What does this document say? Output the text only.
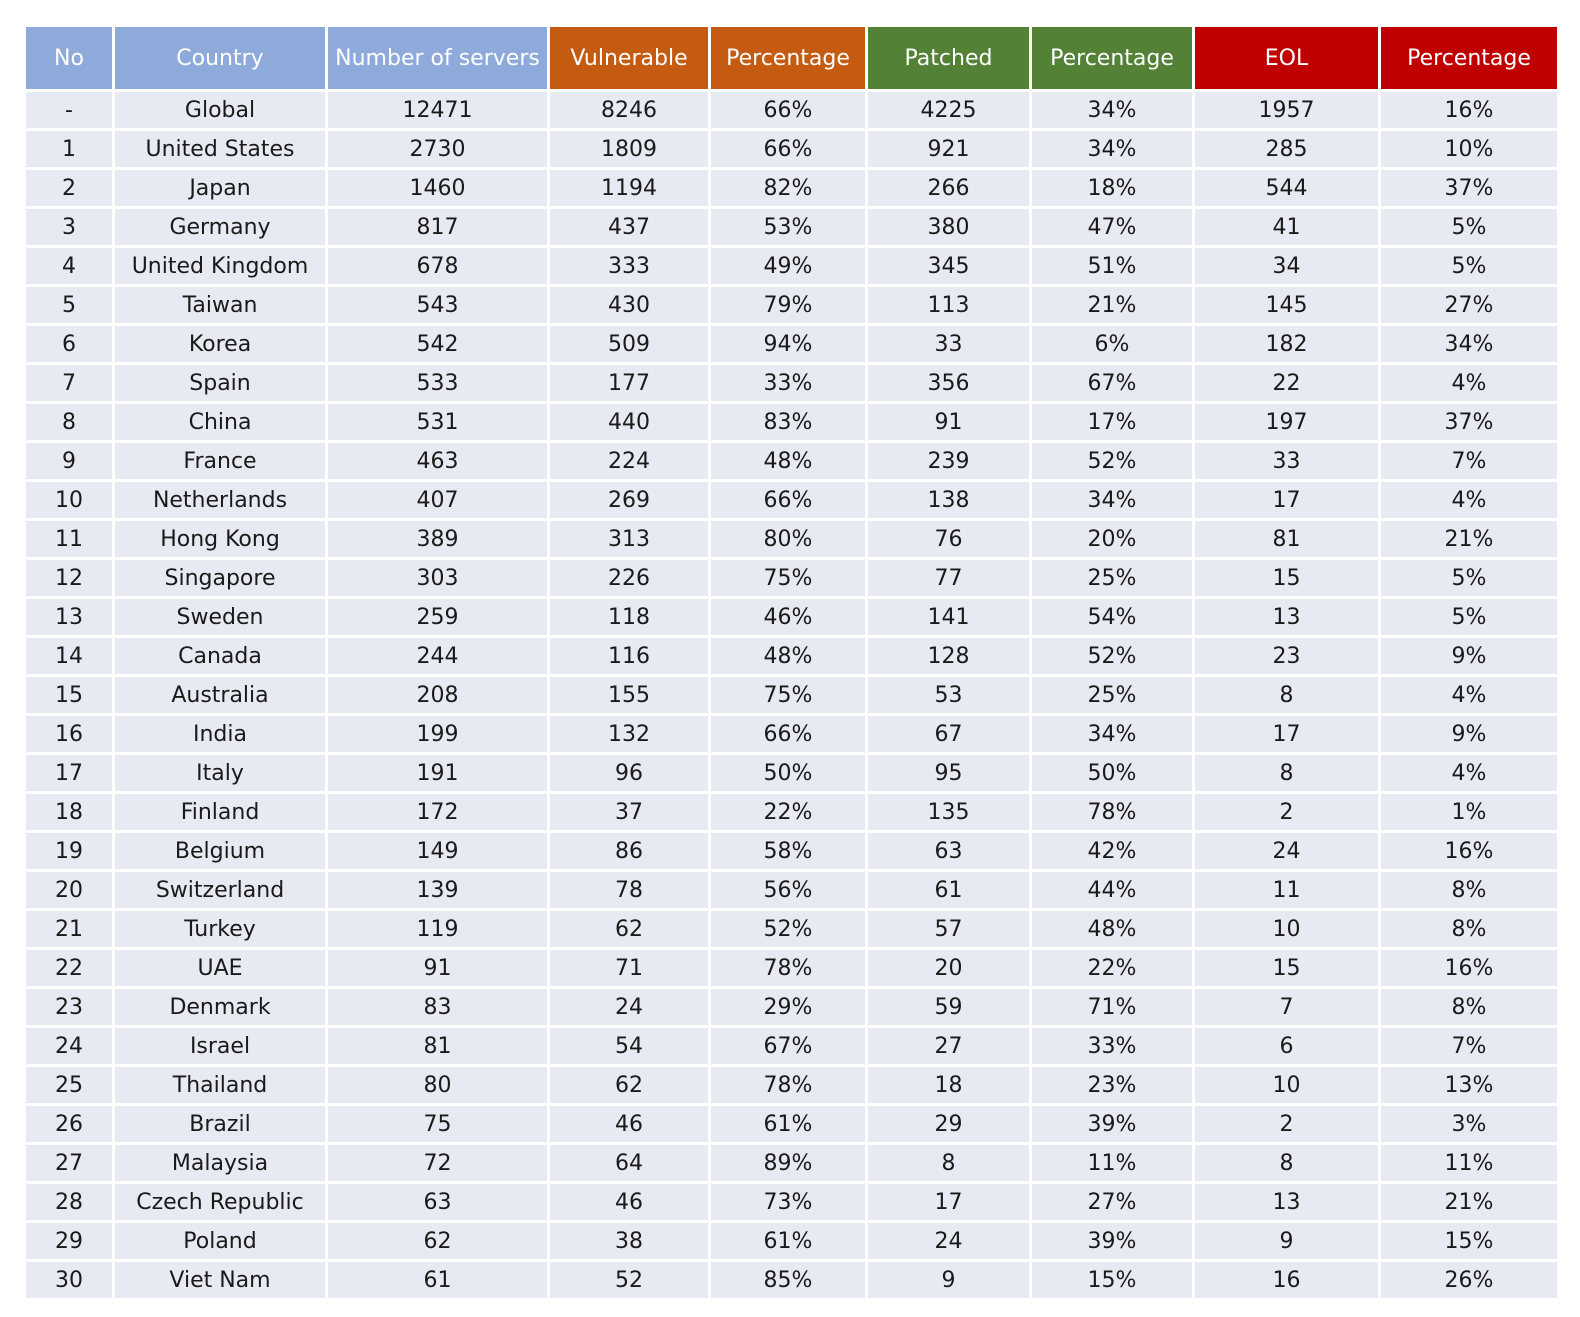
No	Country	Number of servers	Vulnerable	Percentage	Patched	Percentage	EOL	Percentage
-	Global	12471	8246	66%	4225	34%	1957	16%
1	United States	2730	1809	66%	921	34%	285	10%
2	Japan	1460	1194	82%	266	18%	544	37%
3	Germany	817	437	53%	380	47%	41	5%
4	United Kingdom	678	333	49%	345	51%	34	5%
5	Taiwan	543	430	79%	113	21%	145	27%
6	Korea	542	509	94%	33	6%	182	34%
7	Spain	533	177	33%	356	67%	22	4%
8	China	531	440	83%	91	17%	197	37%
9	France	463	224	48%	239	52%	33	7%
10	Netherlands	407	269	66%	138	34%	17	4%
11	Hong Kong	389	313	80%	76	20%	81	21%
12	Singapore	303	226	75%	77	25%	15	5%
13	Sweden	259	118	46%	141	54%	13	5%
14	Canada	244	116	48%	128	52%	23	9%
15	Australia	208	155	75%	53	25%	8	4%
16	India	199	132	66%	67	34%	17	9%
17	Italy	191	96	50%	95	50%	8	4%
18	Finland	172	37	22%	135	78%	2	1%
19	Belgium	149	86	58%	63	42%	24	16%
20	Switzerland	139	78	56%	61	44%	11	8%
21	Turkey	119	62	52%	57	48%	10	8%
22	UAE	91	71	78%	20	22%	15	16%
23	Denmark	83	24	29%	59	71%	7	8%
24	Israel	81	54	67%	27	33%	6	7%
25	Thailand	80	62	78%	18	23%	10	13%
26	Brazil	75	46	61%	29	39%	2	3%
27	Malaysia	72	64	89%	8	11%	8	11%
28	Czech Republic	63	46	73%	17	27%	13	21%
29	Poland	62	38	61%	24	39%	9	15%
30	Viet Nam	61	52	85%	9	15%	16	26%
